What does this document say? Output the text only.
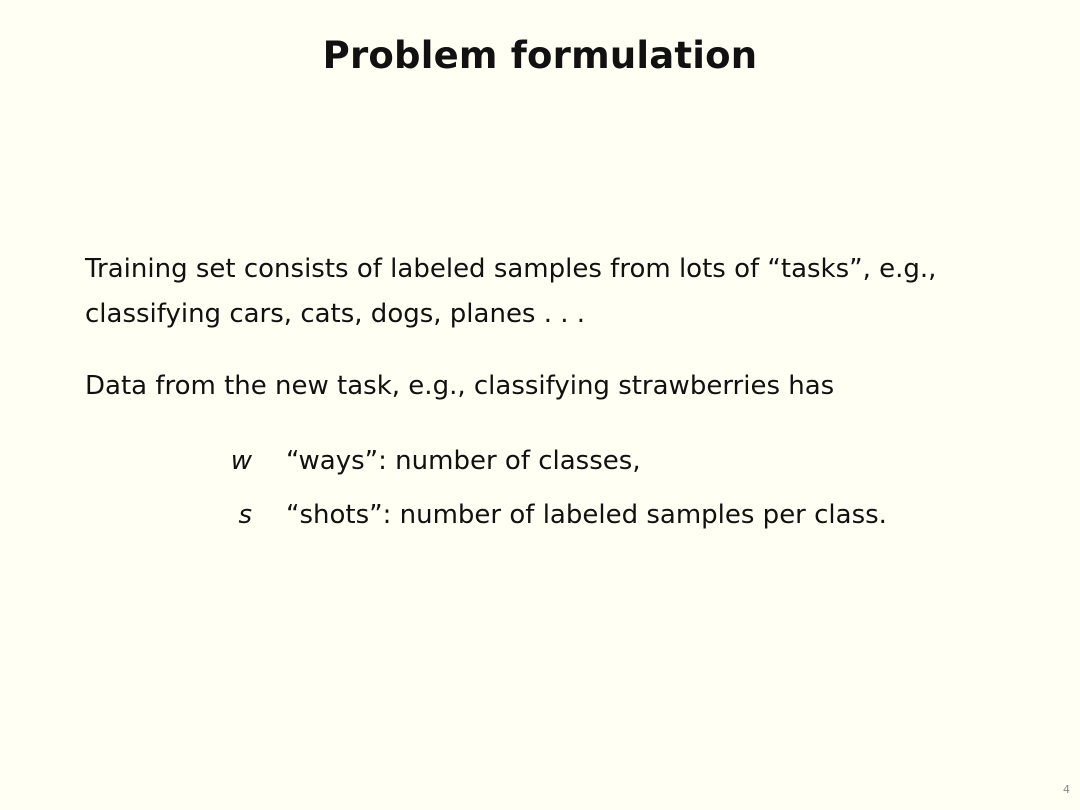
Problem formulation
Training set consists of labeled samples from lots of “tasks”, e.g.,
classifying cars, cats, dogs, planes . . .
Data from the new task, e.g., classifying strawberries has
w “ways”: number of classes,
s “shots”: number of labeled samples per class.
4
